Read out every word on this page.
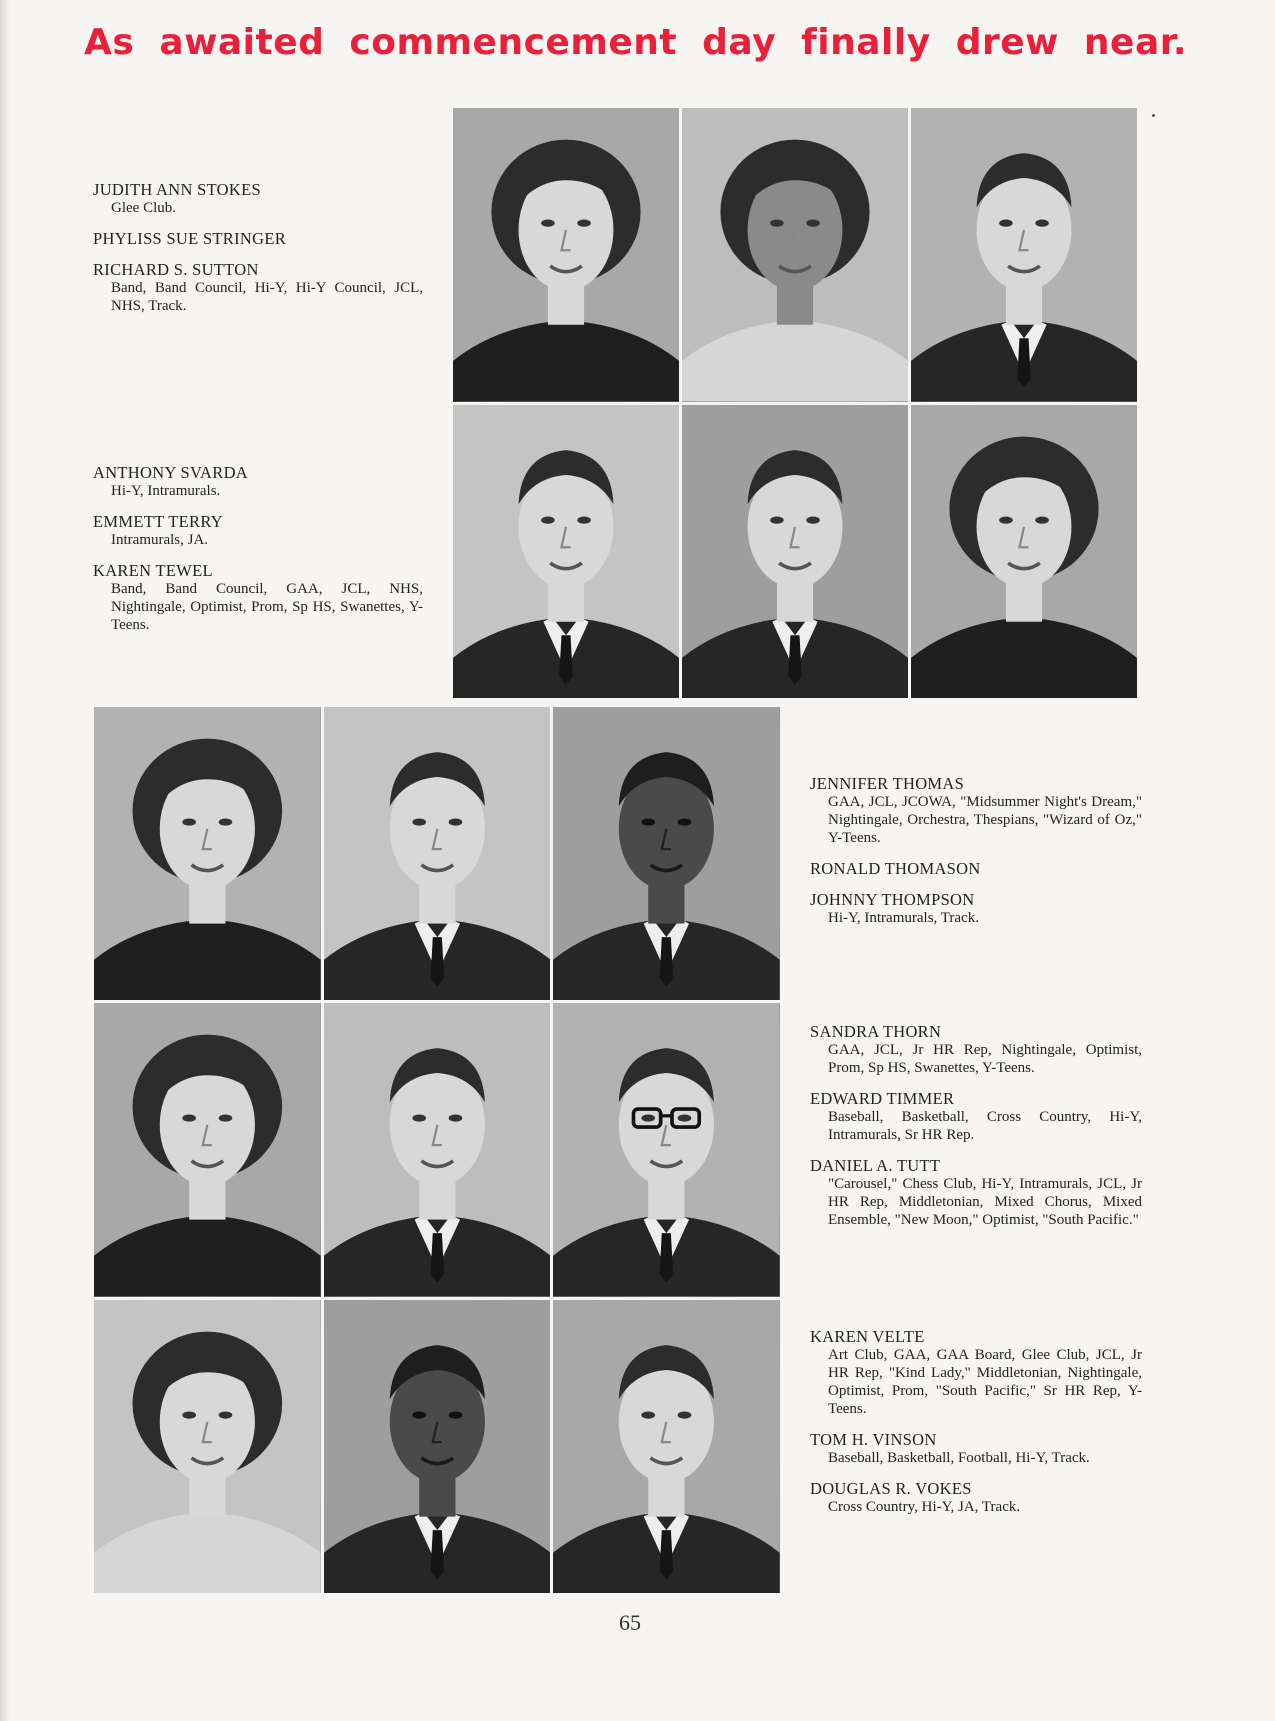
As awaited commencement day finally drew near.
JUDITH ANN STOKES
Glee Club.
PHYLISS SUE STRINGER
RICHARD S. SUTTON
Band, Band Council, Hi-Y, Hi-Y Council, JCL, NHS, Track.
ANTHONY SVARDA
Hi-Y, Intramurals.
EMMETT TERRY
Intramurals, JA.
KAREN TEWEL
Band, Band Council, GAA, JCL, NHS, Nightingale, Optimist, Prom, Sp HS, Swanettes, Y-Teens.
JENNIFER THOMAS
GAA, JCL, JCOWA, "Midsummer Night's Dream," Nightingale, Orchestra, Thespians, "Wizard of Oz," Y-Teens.
RONALD THOMASON
JOHNNY THOMPSON
Hi-Y, Intramurals, Track.
SANDRA THORN
GAA, JCL, Jr HR Rep, Nightingale, Optimist, Prom, Sp HS, Swanettes, Y-Teens.
EDWARD TIMMER
Baseball, Basketball, Cross Country, Hi-Y, Intramurals, Sr HR Rep.
DANIEL A. TUTT
"Carousel," Chess Club, Hi-Y, Intramurals, JCL, Jr HR Rep, Middletonian, Mixed Chorus, Mixed Ensemble, "New Moon," Optimist, "South Pacific."
KAREN VELTE
Art Club, GAA, GAA Board, Glee Club, JCL, Jr HR Rep, "Kind Lady," Middletonian, Nightingale, Optimist, Prom, "South Pacific," Sr HR Rep, Y-Teens.
TOM H. VINSON
Baseball, Basketball, Football, Hi-Y, Track.
DOUGLAS R. VOKES
Cross Country, Hi-Y, JA, Track.
65
